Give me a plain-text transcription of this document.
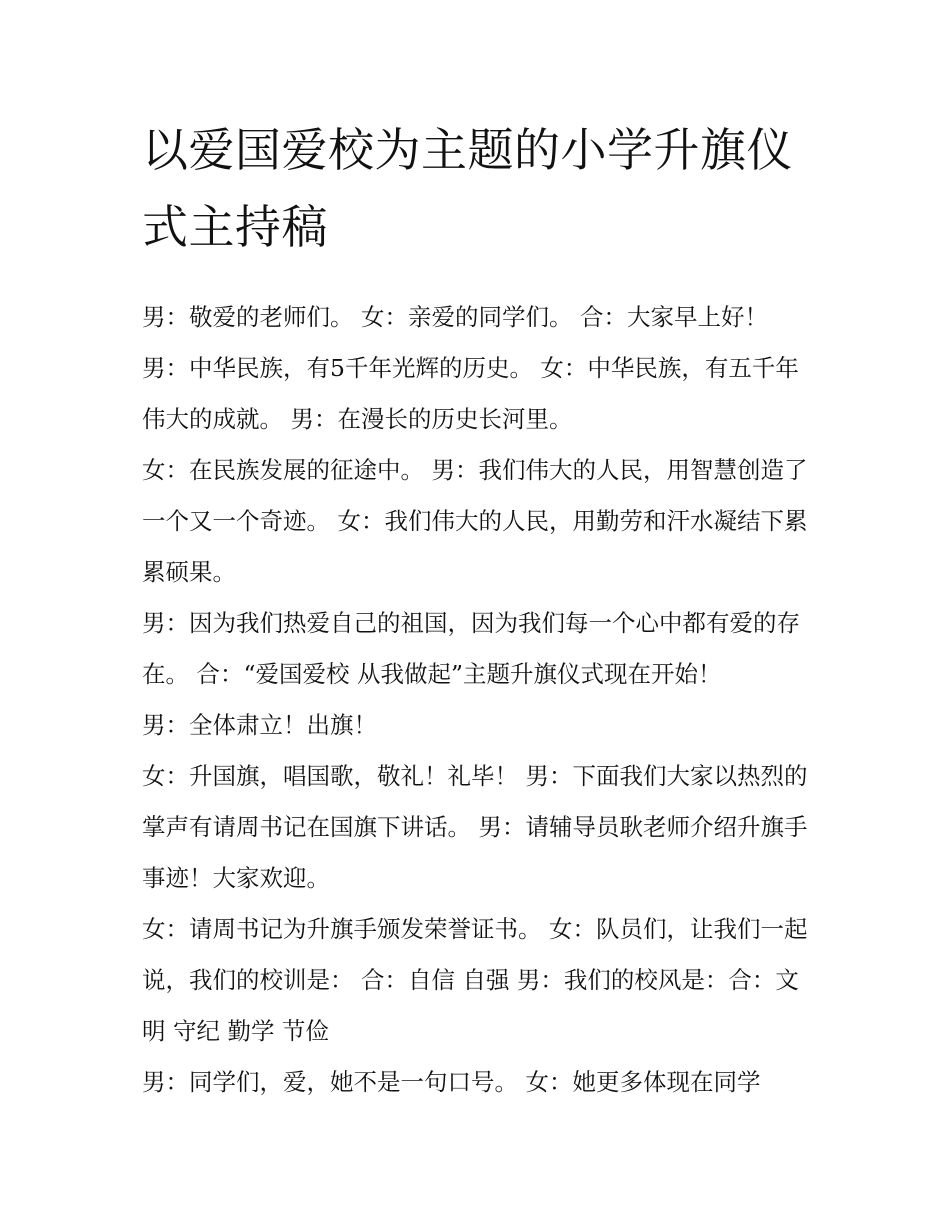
以爱国爱校为主题的小学升旗仪式主持稿

男：敬爱的老师们。 女：亲爱的同学们。 合：大家早上好！

男：中华民族，有5千年光辉的历史。 女：中华民族，有五千年伟大的成就。 男：在漫长的历史长河里。

女：在民族发展的征途中。 男：我们伟大的人民，用智慧创造了一个又一个奇迹。 女：我们伟大的人民，用勤劳和汗水凝结下累累硕果。

男：因为我们热爱自己的祖国，因为我们每一个心中都有爱的存在。 合：“爱国爱校 从我做起”主题升旗仪式现在开始！

男：全体肃立！出旗！

女：升国旗，唱国歌，敬礼！礼毕！ 男：下面我们大家以热烈的掌声有请周书记在国旗下讲话。 男：请辅导员耿老师介绍升旗手事迹！大家欢迎。

女：请周书记为升旗手颁发荣誉证书。 女：队员们，让我们一起说，我们的校训是： 合：自信 自强 男：我们的校风是：合：文明 守纪 勤学 节俭

男：同学们，爱，她不是一句口号。 女：她更多体现在同学
